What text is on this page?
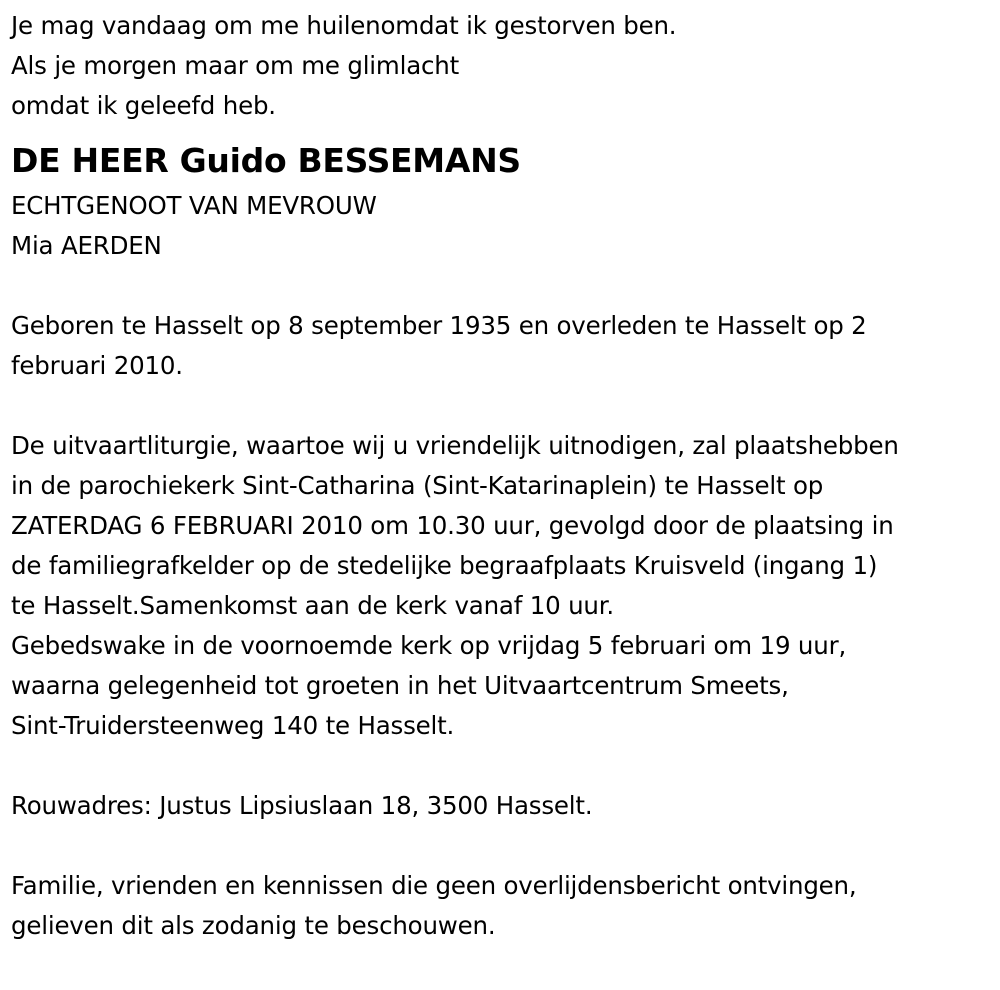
Je mag vandaag om me huilenomdat ik gestorven ben.
Als je morgen maar om me glimlacht
omdat ik geleefd heb.
DE HEER Guido BESSEMANS
ECHTGENOOT VAN MEVROUW
Mia AERDEN
Geboren te Hasselt op 8 september 1935 en overleden te Hasselt op 2
februari 2010.
De uitvaartliturgie, waartoe wij u vriendelijk uitnodigen, zal plaatshebben
in de parochiekerk Sint-Catharina (Sint-Katarinaplein) te Hasselt op
ZATERDAG 6 FEBRUARI 2010 om 10.30 uur, gevolgd door de plaatsing in
de familiegrafkelder op de stedelijke begraafplaats Kruisveld (ingang 1)
te Hasselt.Samenkomst aan de kerk vanaf 10 uur.
Gebedswake in de voornoemde kerk op vrijdag 5 februari om 19 uur,
waarna gelegenheid tot groeten in het Uitvaartcentrum Smeets,
Sint-Truidersteenweg 140 te Hasselt.
Rouwadres: Justus Lipsiuslaan 18, 3500 Hasselt.
Familie, vrienden en kennissen die geen overlijdensbericht ontvingen,
gelieven dit als zodanig te beschouwen.
